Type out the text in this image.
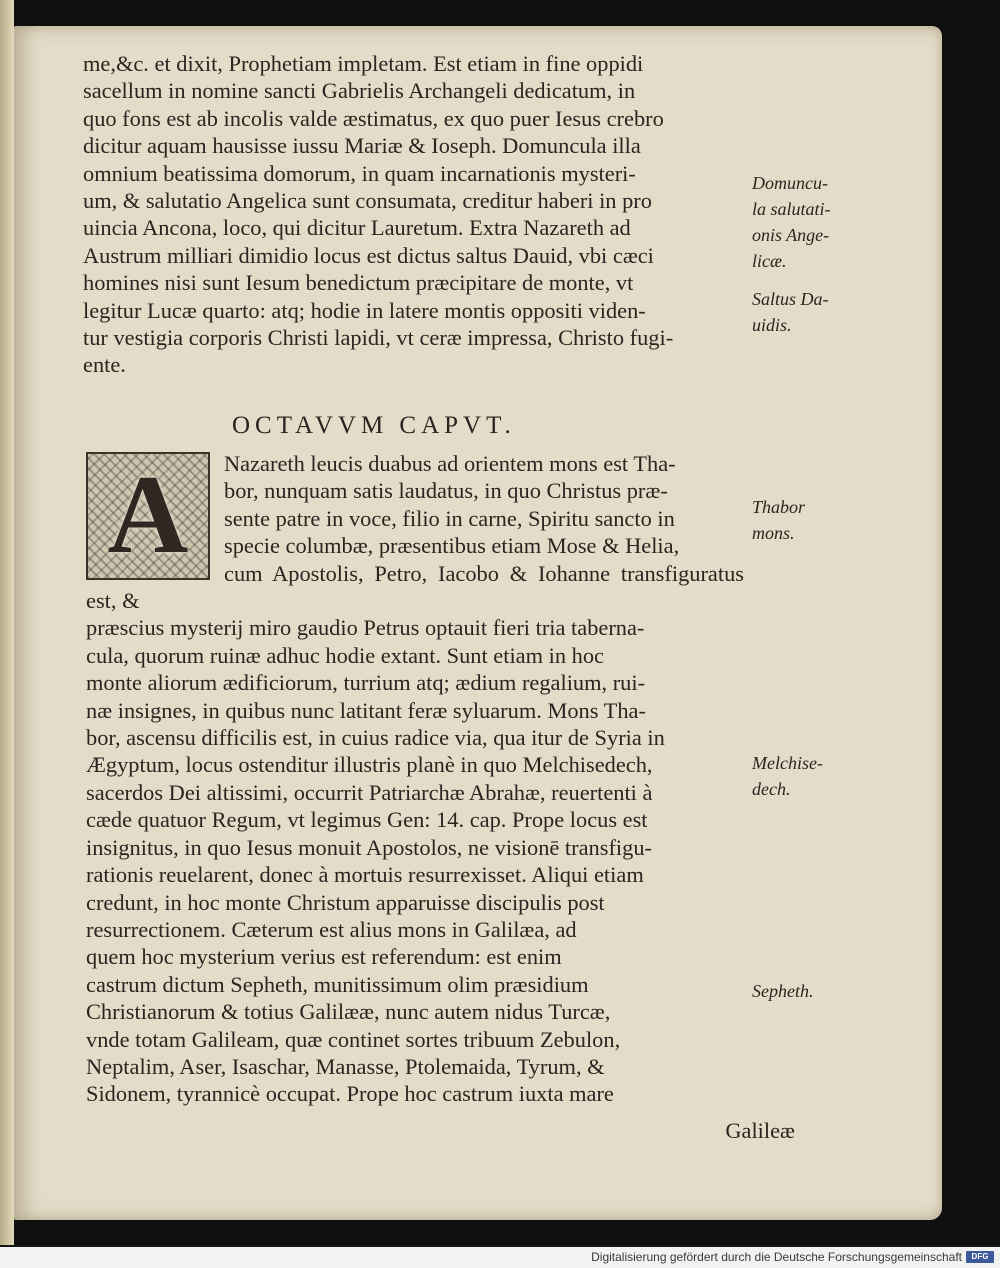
me,&c. et dixit, Prophetiam impletam. Est etiam in fine oppidi
sacellum in nomine sancti Gabrielis Archangeli dedicatum, in
quo fons est ab incolis valde æstimatus, ex quo puer Iesus crebro
dicitur aquam hausisse iussu Mariæ & Ioseph. Domuncula illa
omnium beatissima domorum, in quam incarnationis mysteri-
um, & salutatio Angelica sunt consumata, creditur haberi in pro
uincia Ancona, loco, qui dicitur Lauretum. Extra Nazareth ad
Austrum milliari dimidio locus est dictus saltus Dauid, vbi cæci
homines nisi sunt Iesum benedictum præcipitare de monte, vt
legitur Lucæ quarto: atq; hodie in latere montis oppositi viden-
tur vestigia corporis Christi lapidi, vt ceræ impressa, Christo fugi-
ente.

OCTAVVM CAPVT.
A	Nazareth leucis duabus ad orientem mons est Tha-
bor, nunquam satis laudatus, in quo Christus præ-
sente patre in voce, filio in carne, Spiritu sancto in
specie columbæ, præsentibus etiam Mose & Helia,
cum Apostolis, Petro, Iacobo & Iohanne transfiguratus est, &
præscius mysterij miro gaudio Petrus optauit fieri tria taberna-
cula, quorum ruinæ adhuc hodie extant. Sunt etiam in hoc
monte aliorum ædificiorum, turrium atq; ædium regalium, rui-
næ insignes, in quibus nunc latitant feræ syluarum. Mons Tha-
bor, ascensu difficilis est, in cuius radice via, qua itur de Syria in
Ægyptum, locus ostenditur illustris planè in quo Melchisedech,
sacerdos Dei altissimi, occurrit Patriarchæ Abrahæ, reuertenti à
cæde quatuor Regum, vt legimus Gen: 14. cap. Prope locus est
insignitus, in quo Iesus monuit Apostolos, ne visionē transfigu-
rationis reuelarent, donec à mortuis resurrexisset. Aliqui etiam
credunt, in hoc monte Christum apparuisse discipulis post
resurrectionem. Cæterum est alius mons in Galilæa, ad
quem hoc mysterium verius est referendum: est enim
castrum dictum Sepheth, munitissimum olim præsidium
Christianorum & totius Galilææ, nunc autem nidus Turcæ,
vnde totam Galileam, quæ continet sortes tribuum Zebulon,
Neptalim, Aser, Isaschar, Manasse, Ptolemaida, Tyrum, &
Sidonem, tyrannicè occupat. Prope hoc castrum iuxta mare

Galileæ
Domuncu-
la salutati-
onis Ange-
licæ.
Saltus Da-
uidis.
Thabor
mons.
Melchise-
dech.
Sepheth.
Digitalisierung gefördert durch die Deutsche Forschungsgemeinschaft	DFG
